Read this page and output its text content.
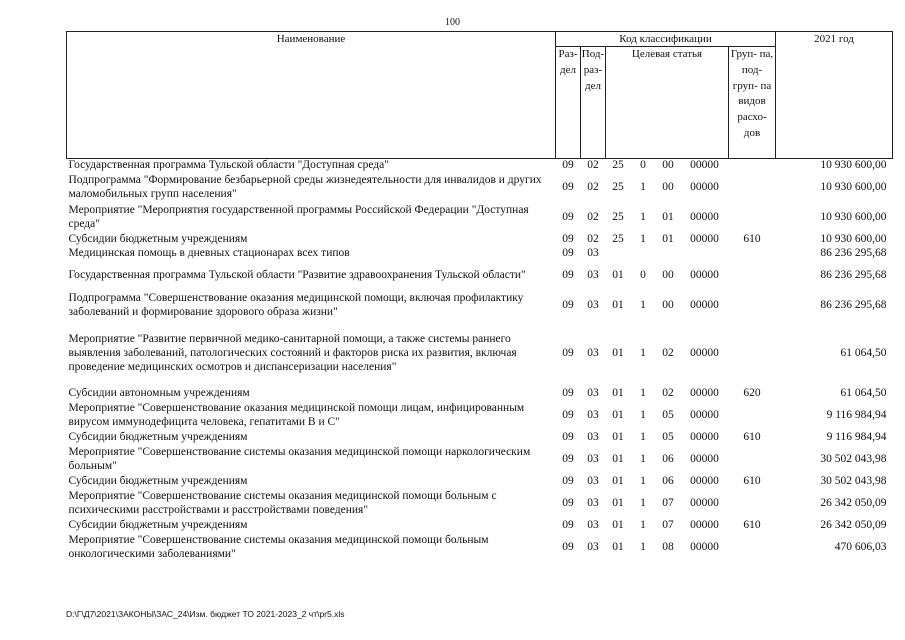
100
Наименование	Код классификации							2021 год
	Раз- дел	Под- раз- дел	Целевая статья				Груп- па, под- груп- па видов расхо- дов	
Государственная программа Тульской области "Доступная среда"	09	02	25	0	00	00000		10 930 600,00
Подпрограмма "Формирование безбарьерной среды жизнедеятельности для инвалидов и других маломобильных групп населения"	09	02	25	1	00	00000		10 930 600,00
Мероприятие "Мероприятия государственной программы Российской Федерации "Доступная среда"	09	02	25	1	01	00000		10 930 600,00
Субсидии бюджетным учреждениям	09	02	25	1	01	00000	610	10 930 600,00
Медицинская помощь в дневных стационарах всех типов	09	03						86 236 295,68
Государственная программа Тульской области "Развитие здравоохранения Тульской области"	09	03	01	0	00	00000		86 236 295,68
Подпрограмма "Совершенствование оказания медицинской помощи, включая профилактику заболеваний и формирование здорового образа жизни"	09	03	01	1	00	00000		86 236 295,68
Мероприятие "Развитие первичной медико-санитарной помощи, а также системы раннего выявления заболеваний, патологических состояний и факторов риска их развития, включая проведение медицинских осмотров и диспансеризации населения"	09	03	01	1	02	00000		61 064,50
Субсидии автономным учреждениям	09	03	01	1	02	00000	620	61 064,50
Мероприятие "Совершенствование оказания медицинской помощи лицам, инфицированным вирусом иммунодефицита человека, гепатитами В и С"	09	03	01	1	05	00000		9 116 984,94
Субсидии бюджетным учреждениям	09	03	01	1	05	00000	610	9 116 984,94
Мероприятие "Совершенствование системы оказания медицинской помощи наркологическим больным"	09	03	01	1	06	00000		30 502 043,98
Субсидии бюджетным учреждениям	09	03	01	1	06	00000	610	30 502 043,98
Мероприятие "Совершенствование системы оказания медицинской помощи больным с психическими расстройствами и расстройствами поведения"	09	03	01	1	07	00000		26 342 050,09
Субсидии бюджетным учреждениям	09	03	01	1	07	00000	610	26 342 050,09
Мероприятие "Совершенствование системы оказания медицинской помощи больным онкологическими заболеваниями"	09	03	01	1	08	00000		470 606,03
D:\Г\Д7\2021\ЗАКОНЫ\ЗАС_24\Изм. бюджет ТО 2021-2023_2 чт\pr5.xls
